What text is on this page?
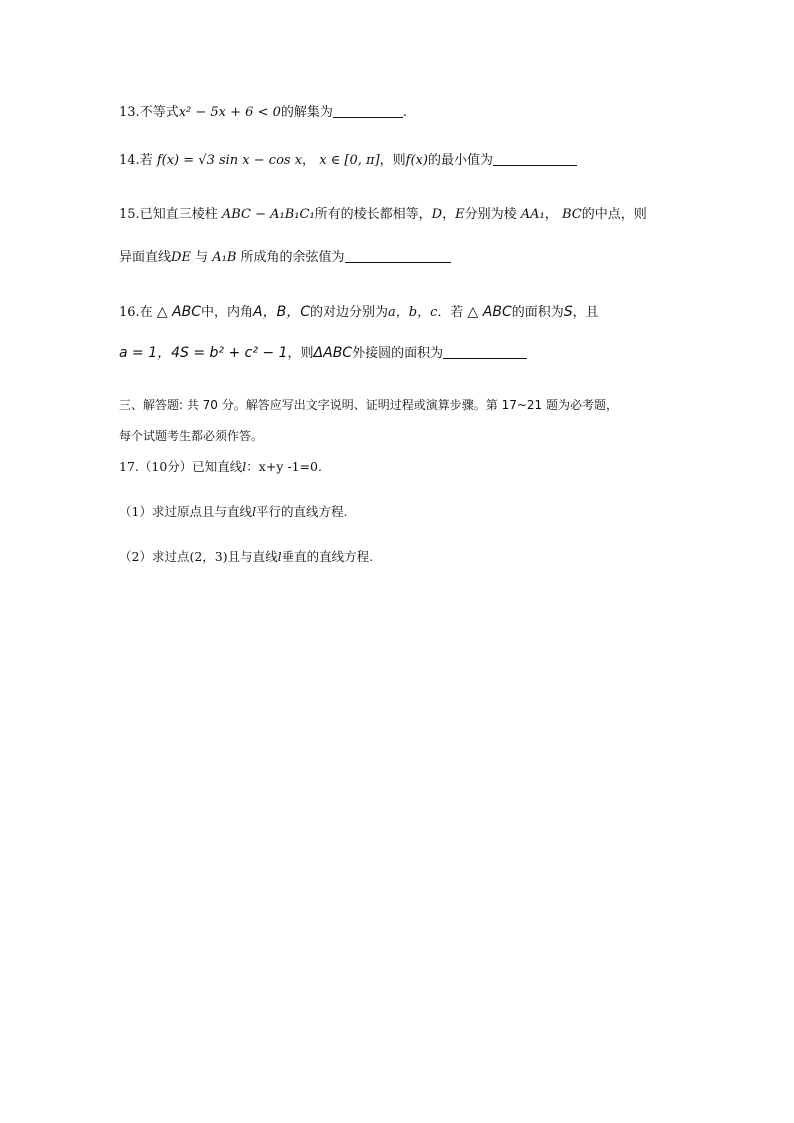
13.不等式x² − 5x + 6 < 0的解集为	.
14.若 f(x) = √3 sin x − cos x， x ∈ [0, π]，则f(x)的最小值为
15.已知直三棱柱 ABC − A₁B₁C₁所有的棱长都相等，D，E分别为棱 AA₁， BC的中点，则
异面直线DE 与 A₁B 所成角的余弦值为
16.在 △ ABC中，内角A，B，C的对边分别为a，b，c．若 △ ABC的面积为S，且
a = 1，4S = b² + c² − 1，则ΔABC外接圆的面积为
三、解答题: 共 70 分。解答应写出文字说明、证明过程或演算步骤。第 17~21 题为必考题，
每个试题考生都必须作答。
17.（10分）已知直线l：x+y -1=0.
（1）求过原点且与直线l平行的直线方程.
（2）求过点(2，3)且与直线l垂直的直线方程.
